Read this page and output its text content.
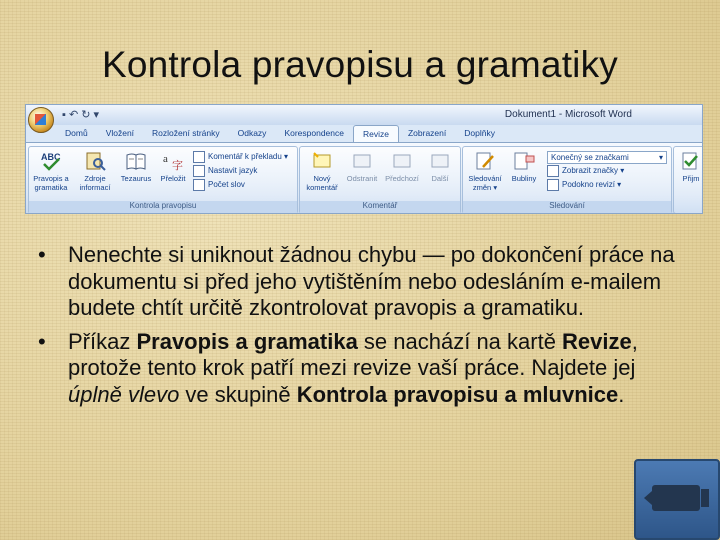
Kontrola pravopisu a gramatiky
▪ ↶ ↻ ▾	Dokument1 - Microsoft Word
Domů	Vložení	Rozložení stránky	Odkazy	Korespondence	Revize	Zobrazení	Doplňky
ABC
Pravopis a
gramatika
Zdroje
informací
Tezaurus
a
字
Přeložit
Komentář k překladu ▾
Nastavit jazyk
Počet slov
Kontrola pravopisu
Nový
komentář
Odstranit	Předchozí	Další
Komentář
Sledování
změn ▾
Bubliny
Konečný se značkami	▾
Zobrazit značky ▾
Podokno revizí ▾
Sledování
Přijm
• Nenechte si uniknout žádnou chybu — po dokončení práce na dokumentu si před jeho vytištěním nebo odesláním e-mailem budete chtít určitě zkontrolovat pravopis a gramatiku.
• Příkaz Pravopis a gramatika se nachází na kartě Revize, protože tento krok patří mezi revize vaší práce. Najdete jej úplně vlevo ve skupině Kontrola pravopisu a mluvnice.
